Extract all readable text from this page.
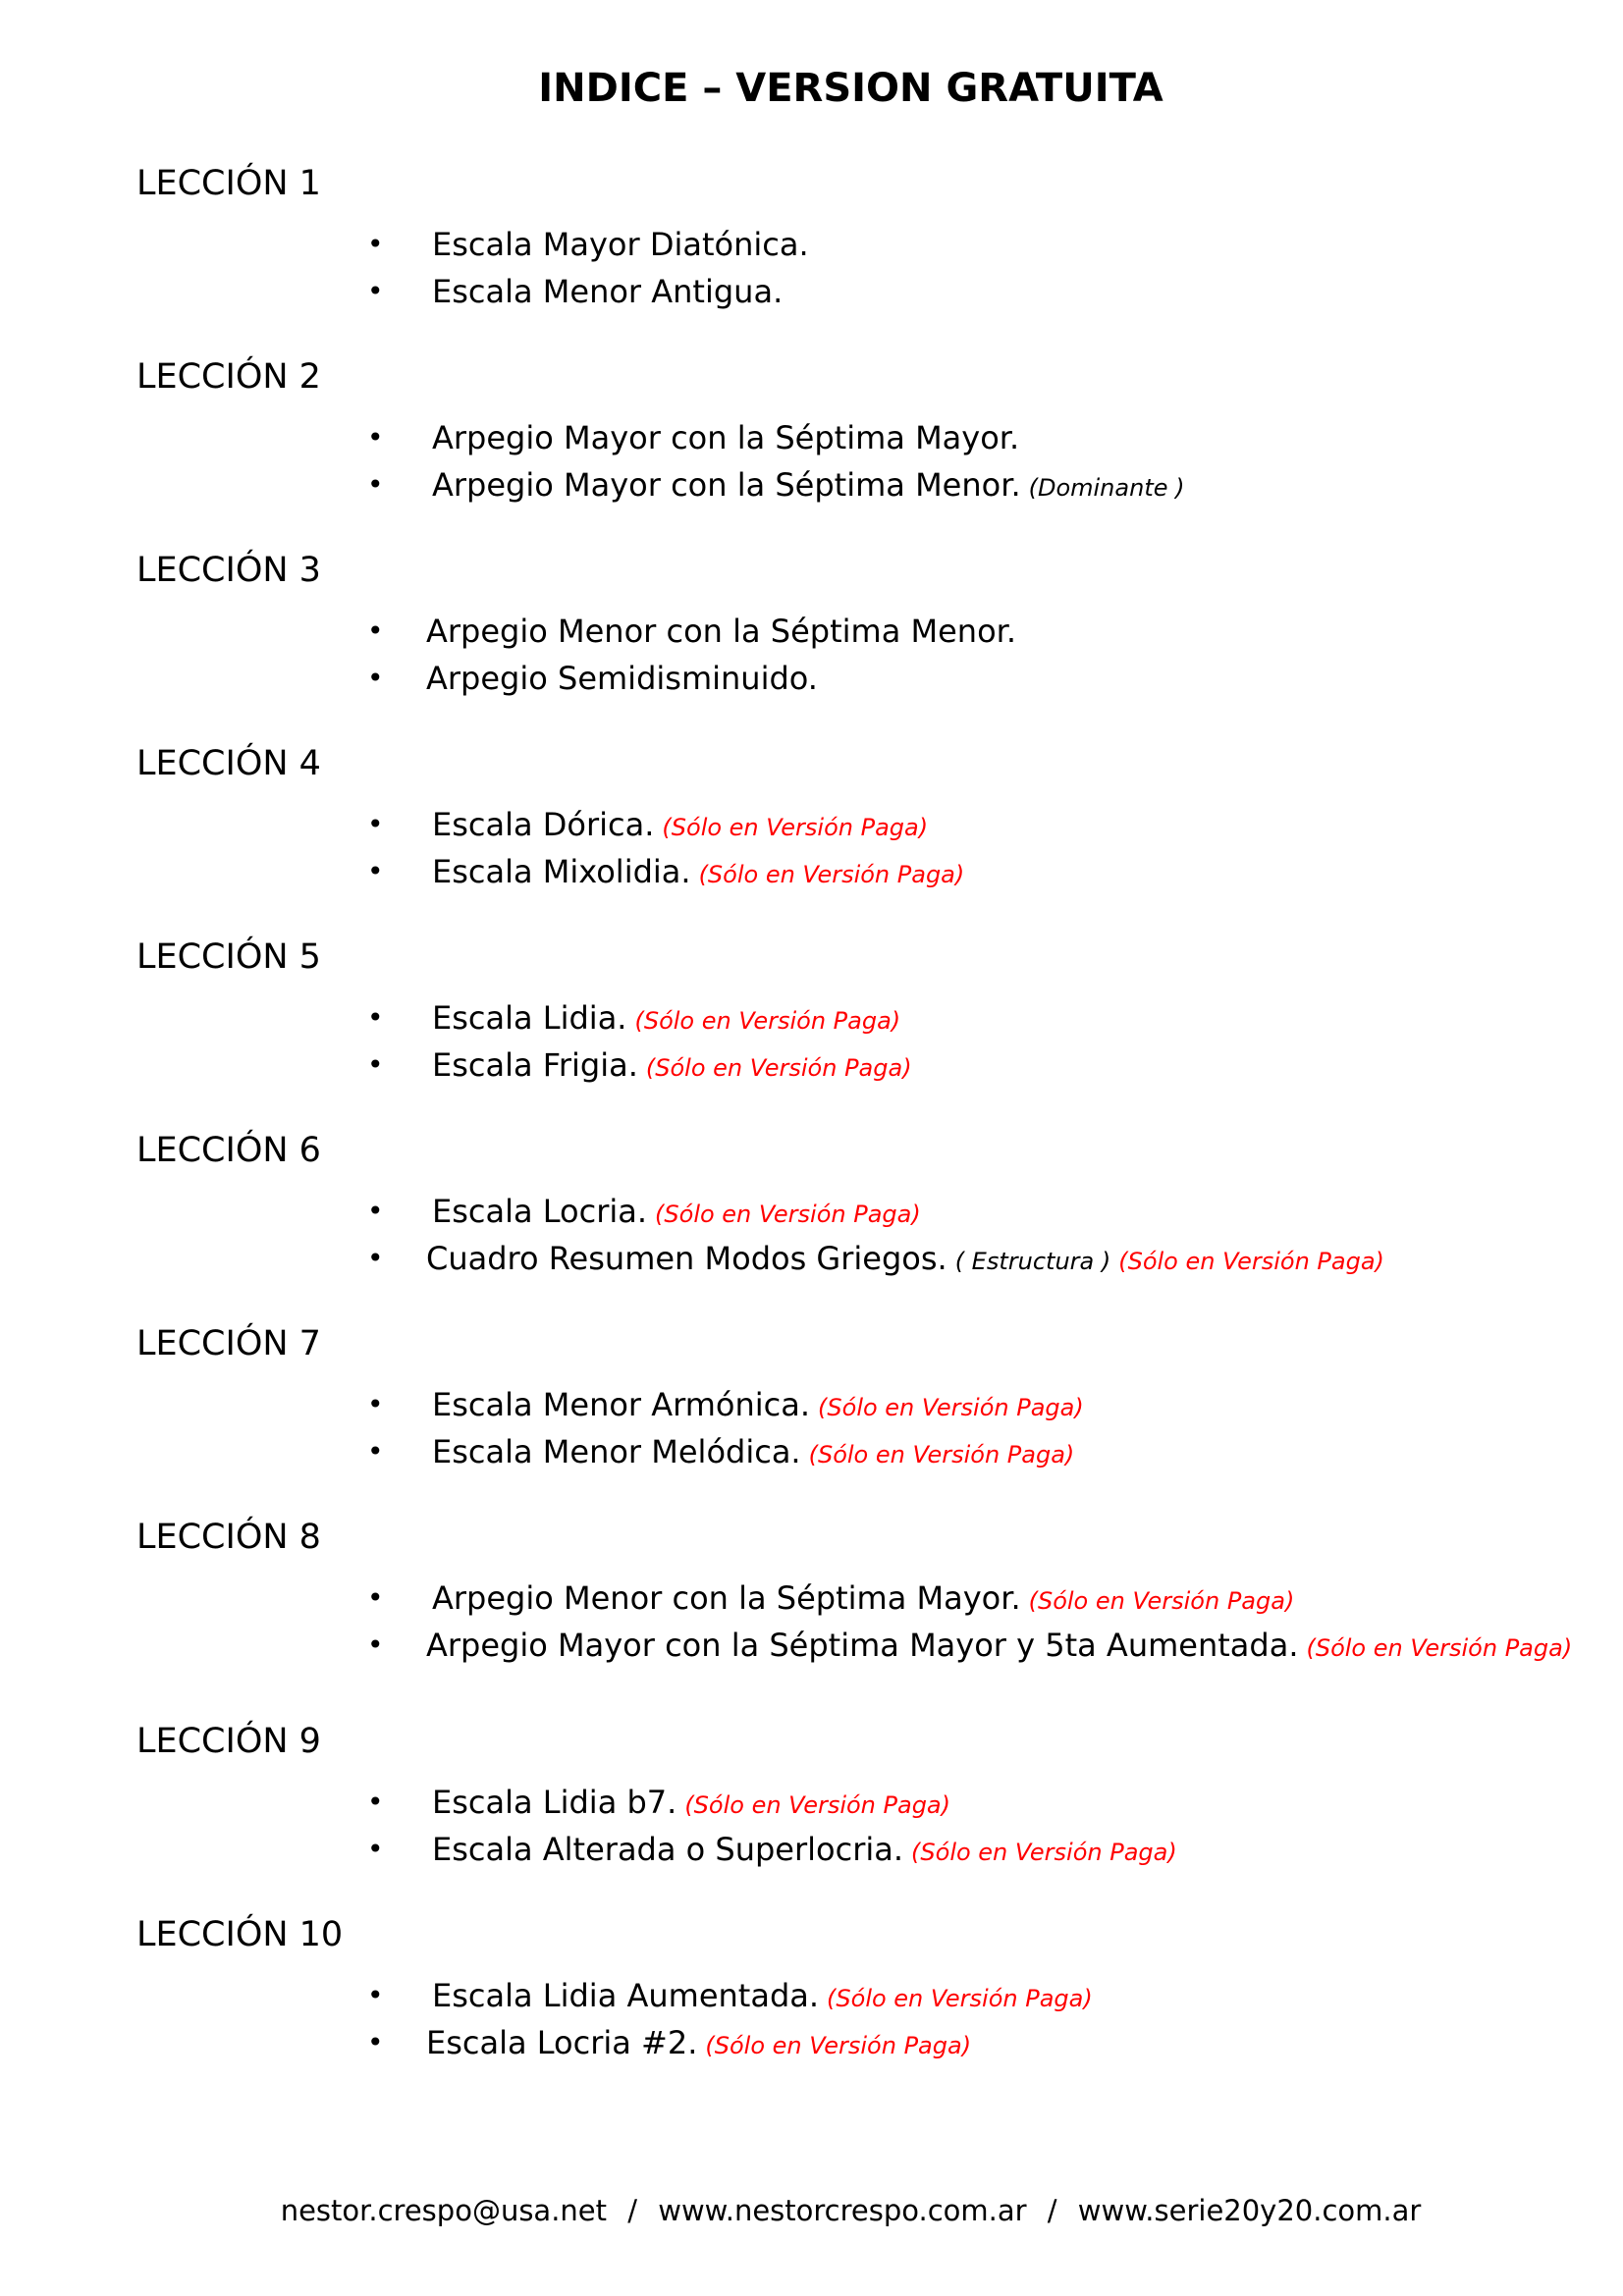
INDICE – VERSION GRATUITA
LECCIÓN 1
• Escala Mayor Diatónica.
• Escala Menor Antigua.
LECCIÓN 2
• Arpegio Mayor con la Séptima Mayor.
• Arpegio Mayor con la Séptima Menor. (Dominante )
LECCIÓN 3
• Arpegio Menor con la Séptima Menor.
• Arpegio Semidisminuido.
LECCIÓN 4
• Escala Dórica. (Sólo en Versión Paga)
• Escala Mixolidia. (Sólo en Versión Paga)
LECCIÓN 5
• Escala Lidia. (Sólo en Versión Paga)
• Escala Frigia. (Sólo en Versión Paga)
LECCIÓN 6
• Escala Locria. (Sólo en Versión Paga)
• Cuadro Resumen Modos Griegos. ( Estructura ) (Sólo en Versión Paga)
LECCIÓN 7
• Escala Menor Armónica. (Sólo en Versión Paga)
• Escala Menor Melódica. (Sólo en Versión Paga)
LECCIÓN 8
• Arpegio Menor con la Séptima Mayor. (Sólo en Versión Paga)
• Arpegio Mayor con la Séptima Mayor y 5ta Aumentada. (Sólo en Versión Paga)
LECCIÓN 9
• Escala Lidia b7. (Sólo en Versión Paga)
• Escala Alterada o Superlocria. (Sólo en Versión Paga)
LECCIÓN 10
• Escala Lidia Aumentada. (Sólo en Versión Paga)
• Escala Locria #2. (Sólo en Versión Paga)
nestor.crespo@usa.net / www.nestorcrespo.com.ar / www.serie20y20.com.ar
